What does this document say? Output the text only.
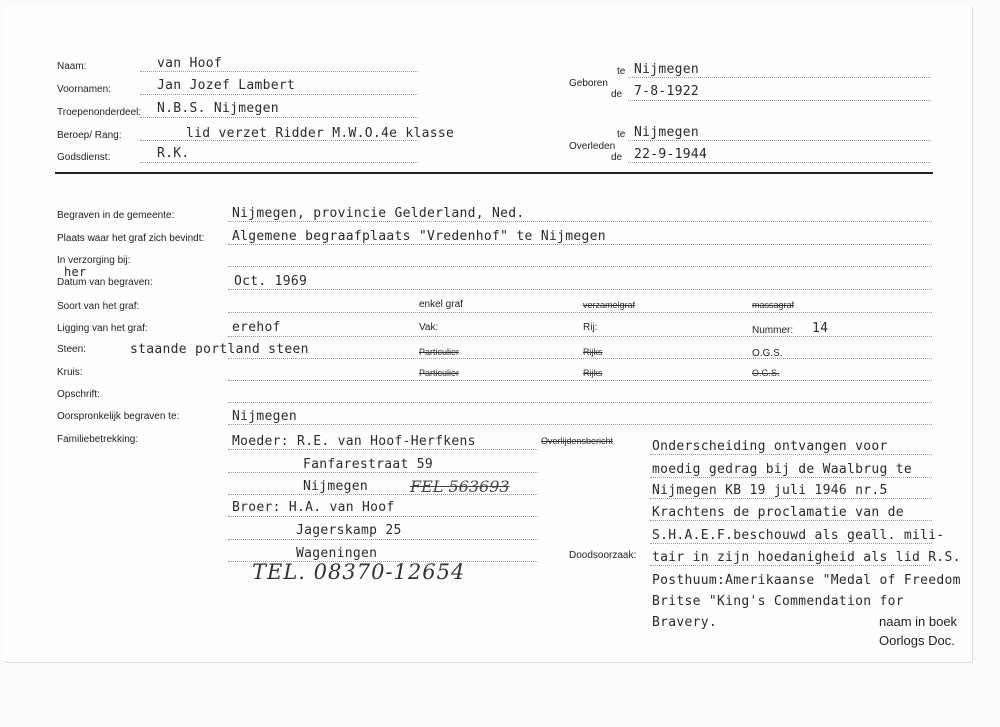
Naam:	van Hoof
Voornamen:	Jan Jozef Lambert
Troepenonderdeel: N.B.S. Nijmegen
Beroep/ Rang:	lid verzet Ridder M.W.O.4e klasse
Godsdienst:	R.K.
te Nijmegen
Geboren
de 7-8-1922
te Nijmegen
Overleden
de 22-9-1944
Begraven in de gemeente:	Nijmegen, provincie Gelderland, Ned.
Plaats waar het graf zich bevindt: Algemene begraafplaats "Vredenhof" te Nijmegen
In verzorging bij:
her
Datum van begraven:	Oct. 1969
Soort van het graf:	enkel graf	verzamelgraf	massagraf
Ligging van het graf:	erehof	Vak:	Rij:	Nummer: 14
Steen:	staande portland steen	Particulier	Rijks	O.G.S.
Kruis:	Particulier	Rijks	O.G.S.
Opschrift:
Oorspronkelijk begraven te:	Nijmegen
Familiebetrekking:	Overlijdensbericht
Moeder: R.E. van Hoof-Herfkens
Fanfarestraat 59
Nijmegen	FEL 563693
Broer: H.A. van Hoof
Jagerskamp 25
Wageningen	Doodsoorzaak:
TEL. 08370-12654
Onderscheiding ontvangen voor
moedig gedrag bij de Waalbrug te
Nijmegen KB 19 juli 1946 nr.5
Krachtens de proclamatie van de
S.H.A.E.F.beschouwd als geall. mili-
tair in zijn hoedanigheid als lid R.S.
Posthuum:Amerikaanse "Medal of Freedom
Britse "King's Commendation for
Bravery.	naam in boek
Oorlogs Doc.
